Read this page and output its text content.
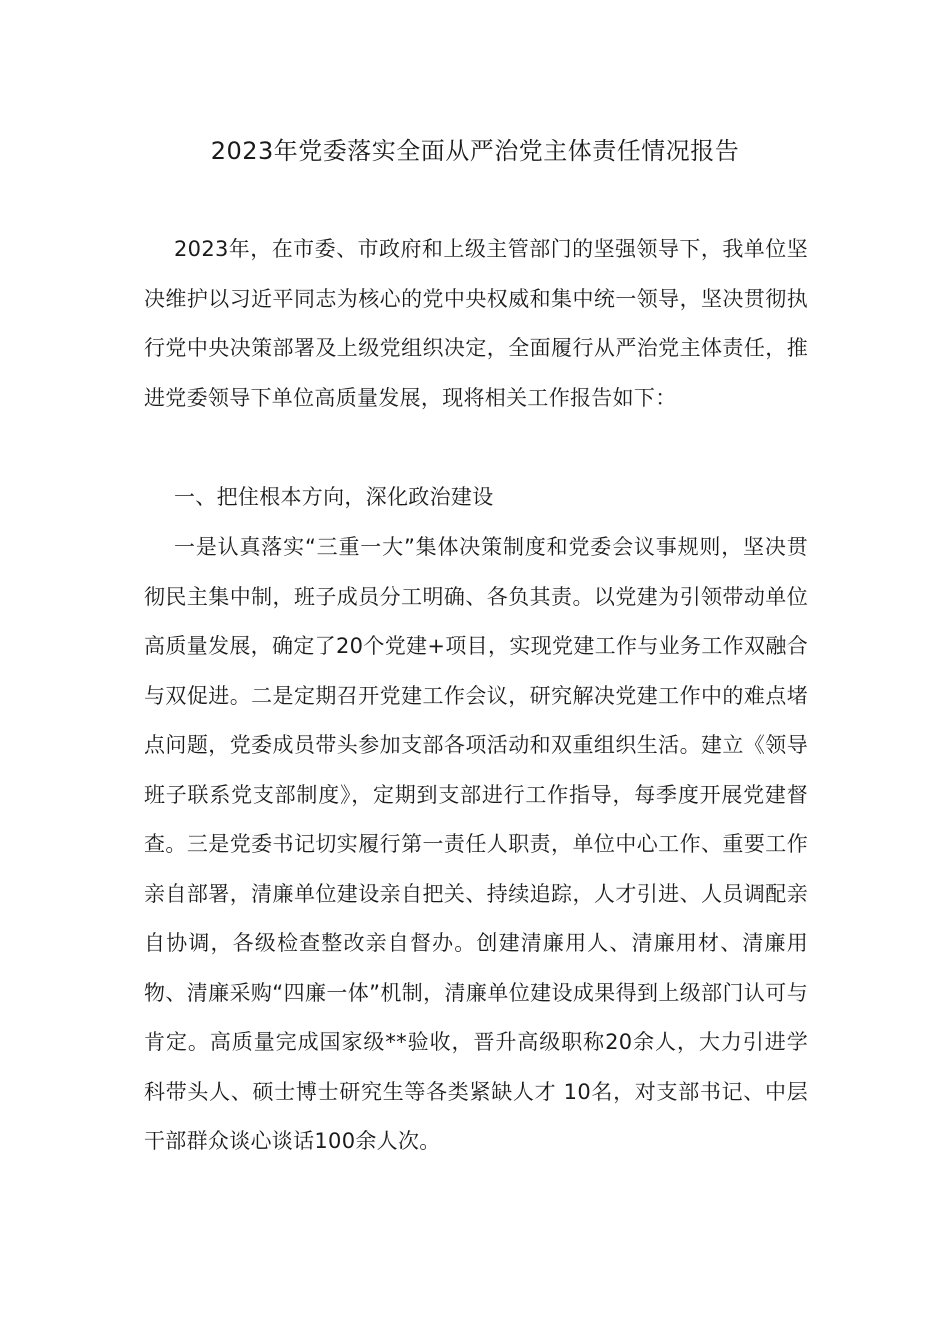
2023年党委落实全面从严治党主体责任情况报告

2023年，在市委、市政府和上级主管部门的坚强领导下，我单位坚决维护以习近平同志为核心的党中央权威和集中统一领导，坚决贯彻执行党中央决策部署及上级党组织决定，全面履行从严治党主体责任，推进党委领导下单位高质量发展，现将相关工作报告如下：

一、把住根本方向，深化政治建设

一是认真落实“三重一大”集体决策制度和党委会议事规则，坚决贯彻民主集中制，班子成员分工明确、各负其责。以党建为引领带动单位高质量发展，确定了20个党建+项目，实现党建工作与业务工作双融合与双促进。二是定期召开党建工作会议，研究解决党建工作中的难点堵点问题，党委成员带头参加支部各项活动和双重组织生活。建立《领导班子联系党支部制度》，定期到支部进行工作指导，每季度开展党建督查。三是党委书记切实履行第一责任人职责，单位中心工作、重要工作亲自部署，清廉单位建设亲自把关、持续追踪，人才引进、人员调配亲自协调，各级检查整改亲自督办。创建清廉用人、清廉用材、清廉用物、清廉采购“四廉一体”机制，清廉单位建设成果得到上级部门认可与肯定。高质量完成国家级**验收，晋升高级职称20余人，大力引进学科带头人、硕士博士研究生等各类紧缺人才 10名，对支部书记、中层干部群众谈心谈话100余人次。
